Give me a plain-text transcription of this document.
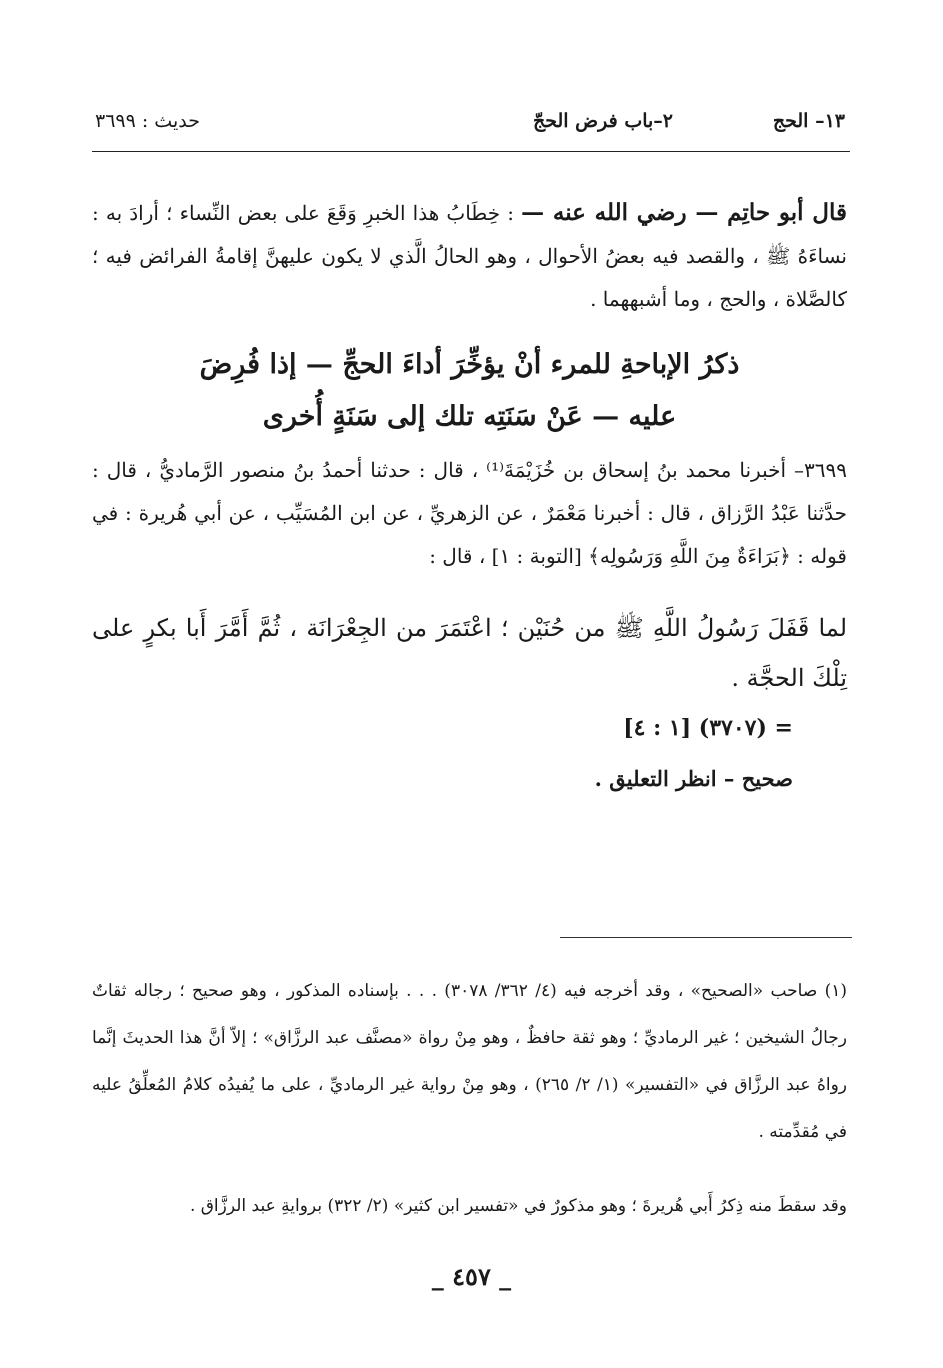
١٣– الحج
٢–باب فرض الحجّ
حديث : ٣٦٩٩
قال أبو حاتِم — رضي الله عنه — : خِطَابُ هذا الخبرِ وَقَعَ على بعض النِّساء ؛ أرادَ به : نساءَهُ ﷺ ، والقصد فيه بعضُ الأحوال ، وهو الحالُ الَّذي لا يكون عليهنَّ إقامةُ الفرائض فيه ؛ كالصَّلاة ، والحج ، وما أشبههما .
ذكرُ الإباحةِ للمرء أنْ يؤخِّرَ أداءَ الحجِّ — إذا فُرِضَ
عليه — عَنْ سَنَتِه تلك إلى سَنَةٍ أُخرى
٣٦٩٩– أخبرنا محمد بنُ إسحاق بن خُزَيْمَةَ⁽¹⁾ ، قال : حدثنا أحمدُ بنُ منصور الرَّماديُّ ، قال : حدَّثنا عَبْدُ الرَّزاق ، قال : أخبرنا مَعْمَرٌ ، عن الزهريِّ ، عن ابن المُسَيِّب ، عن أبي هُريرة : في قوله : ﴿بَرَاءَةٌ مِنَ اللَّهِ وَرَسُولِه﴾ [التوبة : ١] ، قال :
لما قَفَلَ رَسُولُ اللَّهِ ﷺ من حُنَيْن ؛ اعْتَمَرَ من الجِعْرَانَة ، ثُمَّ أَمَّرَ أَبا بكرٍ على تِلْكَ الحجَّة .
[١ : ٤] (٣٧٠٧) =
صحيح – انظر التعليق .
(١) صاحب «الصحيح» ، وقد أخرجه فيه (٤/ ٣٦٢/ ٣٠٧٨) . . . بإسناده المذكور ، وهو صحيح ؛ رجاله ثقاتٌ رجالُ الشيخين ؛ غير الرماديِّ ؛ وهو ثقة حافظٌ ، وهو مِنْ رواة «مصنَّف عبد الرزَّاق» ؛ إلاّ أنَّ هذا الحديثَ إنَّما رواهُ عبد الرزَّاق في «التفسير» (١/ ٢/ ٢٦٥) ، وهو مِنْ رواية غير الرماديِّ ، على ما يُفيدُه كلامُ المُعلِّقُ عليه في مُقدِّمته .
وقد سقطَ منه ذِكرُ أَبي هُريرةَ ؛ وهو مذكورٌ في «تفسير ابن كثير» (٢/ ٣٢٢) بروايةِ عبد الرزَّاق .
_ ٤٥٧ _
